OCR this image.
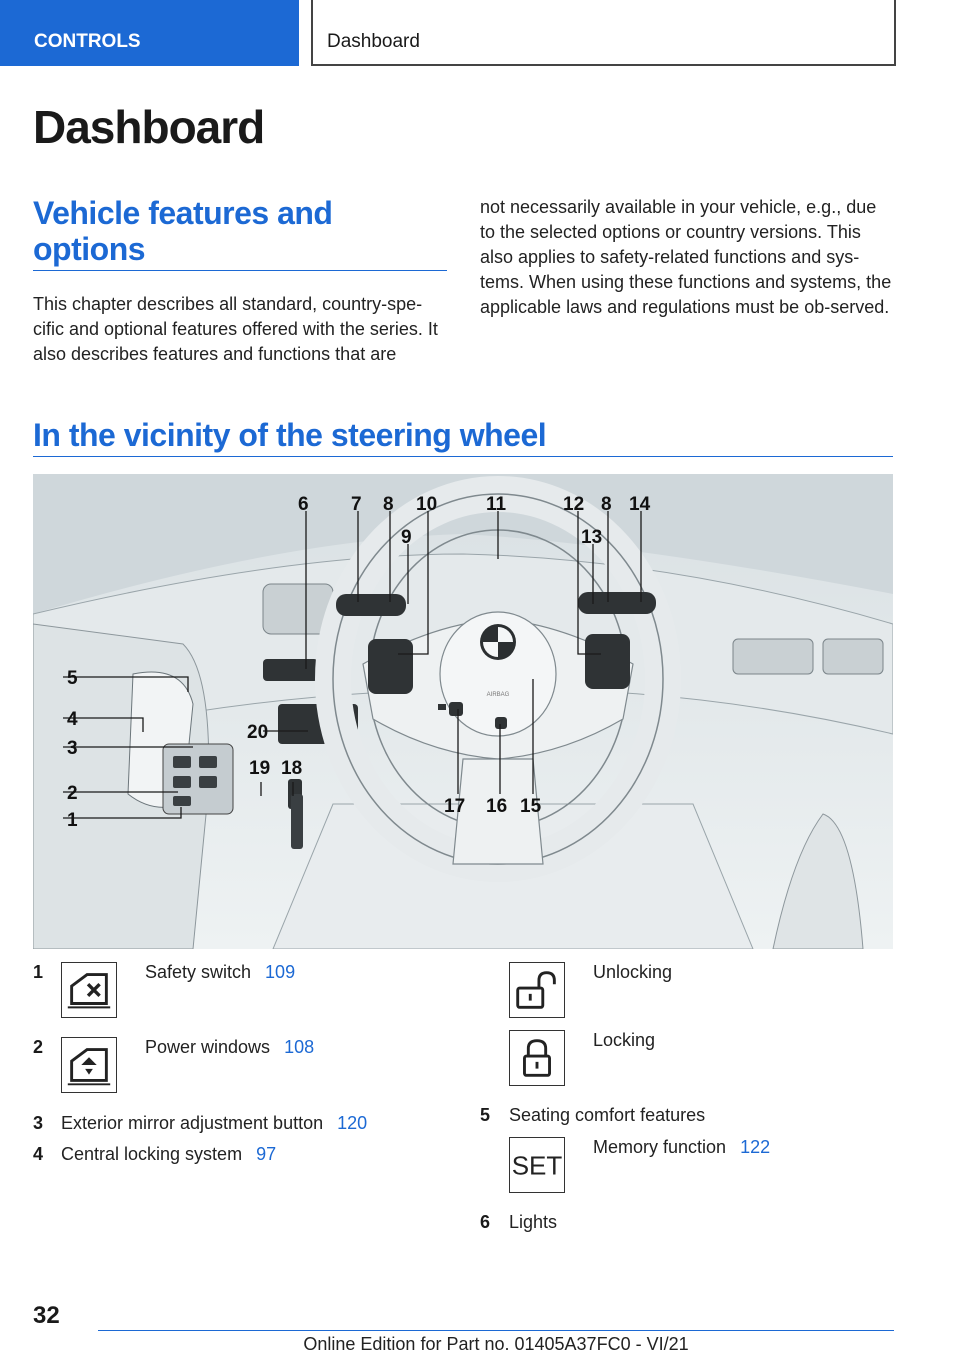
CONTROLS	Dashboard
Dashboard
Vehicle features and options

This chapter describes all standard, country-spe-cific and optional features offered with the series. It also describes features and functions that are

not necessarily available in your vehicle, e.g., due to the selected options or country versions. This also applies to safety-related functions and sys-tems. When using these functions and systems, the applicable laws and regulations must be ob-served.

In the vicinity of the steering wheel
AIRBAG
6 7 8 10	11	12 8 14
9	13
5
4
3
20
2
19 18
1
17 16 15
1	Safety switch 109
2	Power windows 108
3 Exterior mirror adjustment button 120
4 Central locking system 97
Unlocking
Locking
5 Seating comfort features
SET
Memory function 122
6 Lights
32
Online Edition for Part no. 01405A37FC0 - VI/21
